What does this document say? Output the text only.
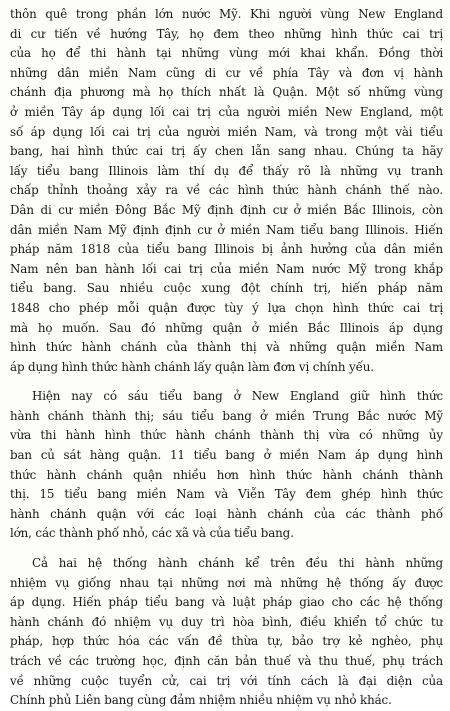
thôn quê trong phần lớn nước Mỹ. Khi người vùng New England
di cư tiến về hướng Tây, họ đem theo những hình thức cai trị
của họ để thi hành tại những vùng mới khai khẩn. Đồng thời
những dân miền Nam cũng di cư về phía Tây và đơn vị hành
chánh địa phương mà họ thích nhất là Quận. Một số những vùng
ở miền Tây áp dụng lối cai trị của người miền New England, một
số áp dụng lối cai trị của người miền Nam, và trong một vài tiểu
bang, hai hình thức cai trị ấy chen lẫn sang nhau. Chúng ta hãy
lấy tiểu bang Illinois làm thí dụ để thấy rõ là những vụ tranh
chấp thỉnh thoảng xảy ra về các hình thức hành chánh thế nào.
Dân di cư miền Đông Bắc Mỹ định định cư ở miền Bắc Illinois, còn
dân miền Nam Mỹ định định cư ở miền Nam tiểu bang Illinois. Hiến
pháp năm 1818 của tiểu bang Illinois bị ảnh hưởng của dân miền
Nam nên ban hành lối cai trị của miền Nam nước Mỹ trong khắp
tiểu bang. Sau nhiều cuộc xung đột chính trị, hiến pháp năm
1848 cho phép mỗi quận được tùy ý lựa chọn hình thức cai trị
mà họ muốn. Sau đó những quận ở miền Bắc Illinois áp dụng
hình thức hành chánh của thành thị và những quận miền Nam
áp dụng hình thức hành chánh lấy quận làm đơn vị chính yếu.
Hiện nay có sáu tiểu bang ở New England giữ hình thức
hành chánh thành thị; sáu tiểu bang ở miền Trung Bắc nước Mỹ
vừa thi hành hình thức hành chánh thành thị vừa có những ủy
ban củ sát hàng quận. 11 tiểu bang ở miền Nam áp dụng hình
thức hành chánh quận nhiều hơn hình thức hành chánh thành
thị. 15 tiểu bang miền Nam và Viễn Tây đem ghép hình thức
hành chánh quận với các loại hành chánh của các thành phố
lớn, các thành phố nhỏ, các xã và của tiểu bang.
Cả hai hệ thống hành chánh kể trên đều thi hành những
nhiệm vụ giống nhau tại những nơi mà những hệ thống ấy được
áp dụng. Hiến pháp tiểu bang và luật pháp giao cho các hệ thống
hành chánh đó nhiệm vụ duy trì hòa bình, điều khiển tổ chức tư
pháp, hợp thức hóa các vấn đề thừa tự, bảo trợ kẻ nghèo, phụ
trách về các trường học, định căn bản thuế và thu thuế, phụ trách
về những cuộc tuyển cử, cai trị với tính cách là đại diện của
Chính phủ Liên bang cùng đảm nhiệm nhiều nhiệm vụ nhỏ khác.
